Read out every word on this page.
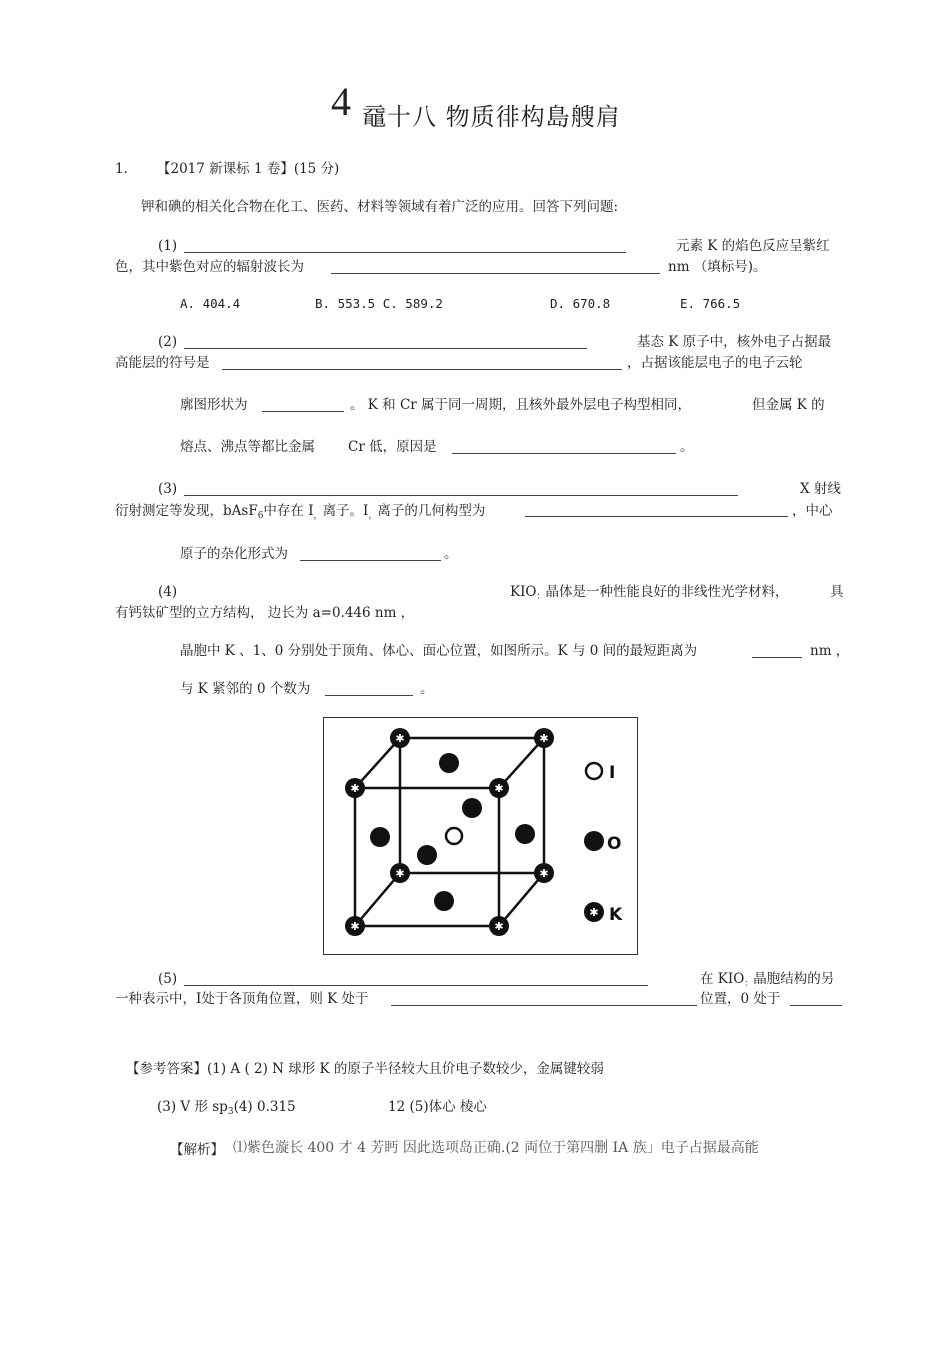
4 黿十八 物质徘构島艘肩
1. 【2017 新课标 1 卷】(15 分)
钾和碘的相关化合物在化工、医药、材料等领域有着广泛的应用。回答下列问题:
(1)	元素 K 的焰色反应呈紫红
色，其中紫色对应的辐射波长为	nm （填标号)。
A. 404.4	B. 553.5 C. 589.2	D. 670.8	E. 766.5
(2)	基态 K 原子中，核外电子占据最
高能层的符号是	，占据该能层电子的电子云轮
廓图形状为	。 K 和 Cr 属于同一周期，且核外最外层电子构型相同，	但金属 K 的
熔点、沸点等都比金属 Cr 低，原因是	。
(3)	X 射线
衍射测定等发现，bAsF$_6$中存在 $I_,$离子。$I_,$离子的几何构型为	，中心
原子的杂化形式为	。
(4)	$KIO_:$晶体是一种性能良好的非线性光学材料，	具
有钙钛矿型的立方结构， 边长为 a=0.446 nm ，
晶胞中 K 、1、0 分别处于顶角、体心、面心位置，如图所示。K 与 0 间的最短距离为	nm ，
与 K 紧邻的 0 个数为	。
✱	✱
✱	✱
✱	✱
✱	✱
I
O
✱ K
(5)	在 $KIO_:$晶胞结构的另
一种表示中，I处于各顶角位置，则 K 处于	位置，0 处于
【参考答案】(1) A ( 2) N 球形 K 的原子半径较大且价电子数较少，金属键较弱
(3) V 形 $sp_3(4)$ 0.315	12 (5)体心 棱心
【解析】 ⑴紫色漩长 400 才 4 芳眄 因此选项岛正确.(2 両位于第四删 IA 族」电子占据最高能
